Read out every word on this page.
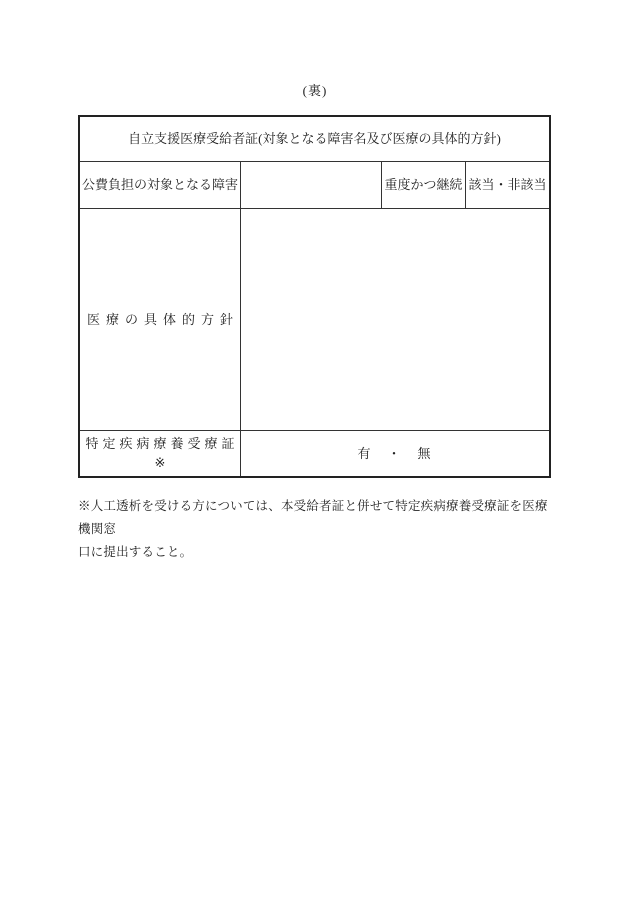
(裏)
自立支援医療受給者証(対象となる障害名及び医療の具体的方針)
公費負担の対象となる障害	重度かつ継続 該当・非該当
医療の具体的方針
特定疾病療養受療証
※
有　・　無
※人工透析を受ける方については、本受給者証と併せて特定疾病療養受療証を医療機関窓
口に提出すること。
